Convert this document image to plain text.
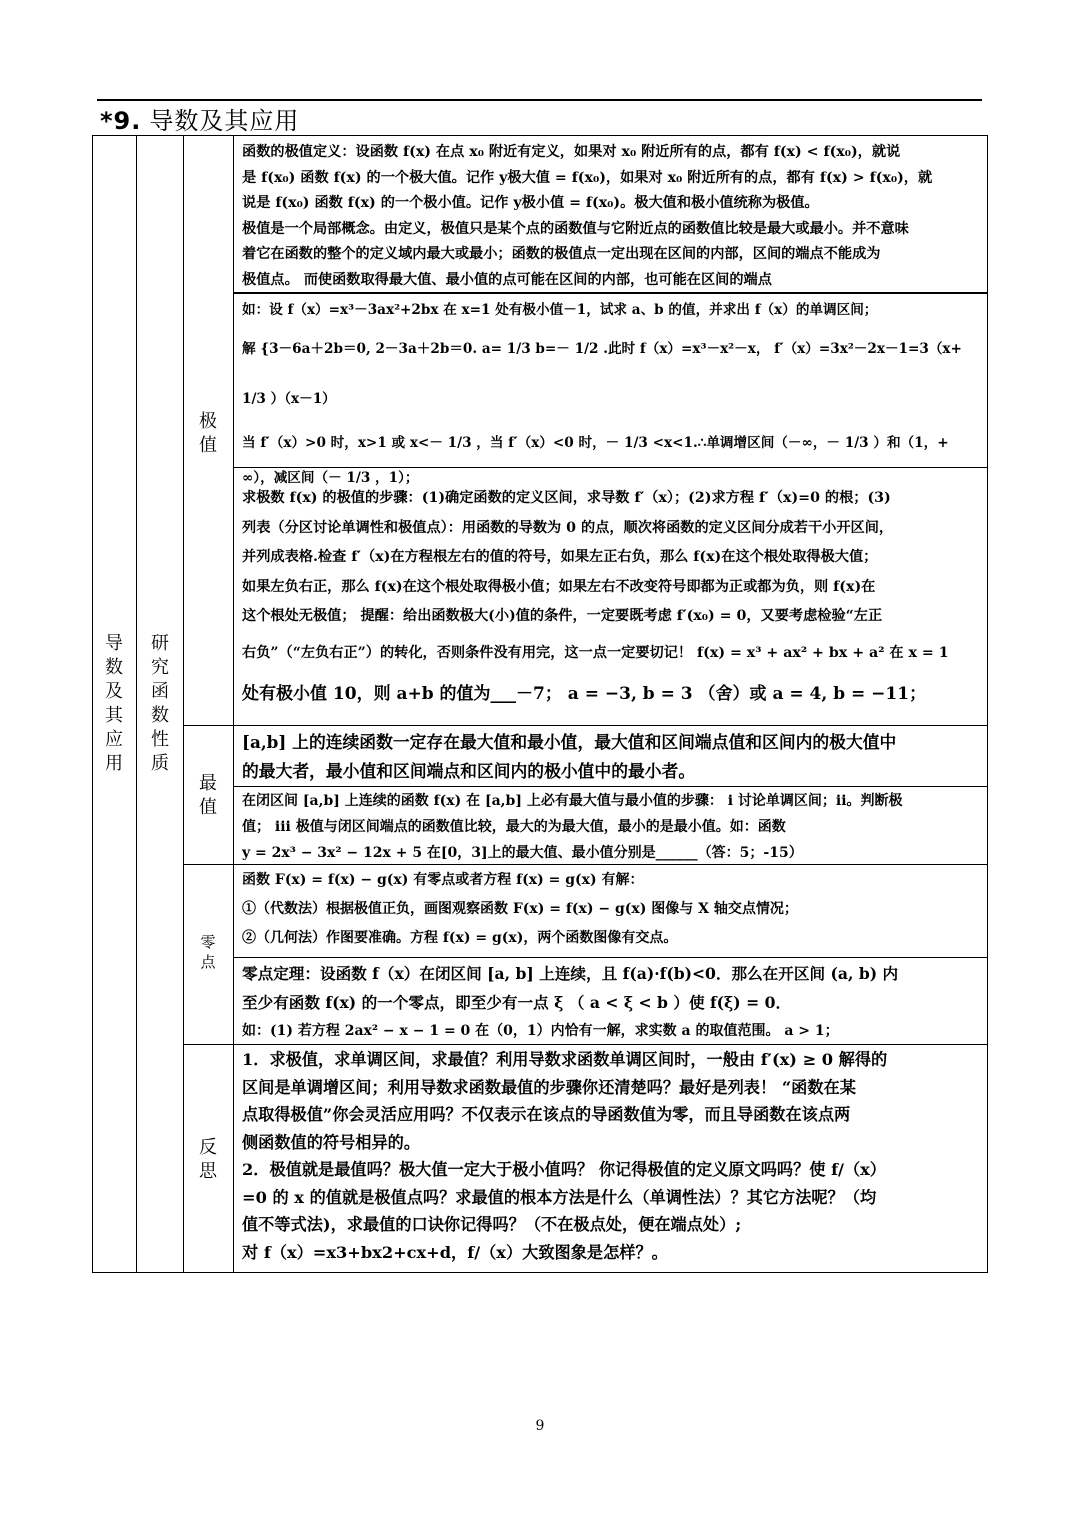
*9. 导数及其应用
导数及其应用
研究函数性质
极值
最值
零点
反思

函数的极值定义：设函数 f(x) 在点 x₀ 附近有定义，如果对 x₀ 附近所有的点，都有 f(x) < f(x₀)，就说

是 f(x₀) 函数 f(x) 的一个极大值。记作 y极大值 = f(x₀)，如果对 x₀ 附近所有的点，都有 f(x) > f(x₀)，就

说是 f(x₀) 函数 f(x) 的一个极小值。记作 y极小值 = f(x₀)。极大值和极小值统称为极值。

极值是一个局部概念。由定义，极值只是某个点的函数值与它附近点的函数值比较是最大或最小。并不意味

着它在函数的整个的定义域内最大或最小；函数的极值点一定出现在区间的内部，区间的端点不能成为

极值点。 而使函数取得最大值、最小值的点可能在区间的内部，也可能在区间的端点

如：设 f（x）=x³－3ax²+2bx 在 x=1 处有极小值－1，试求 a、b 的值，并求出 f（x）的单调区间；

解 {3－6a＋2b＝0, 2－3a＋2b＝0. a= 1/3 b=－ 1/2 .此时 f（x）=x³－x²－x， f′（x）=3x²－2x－1=3（x+ 1/3 ）（x－1）

当 f′（x）>0 时，x>1 或 x<－ 1/3 ，当 f′（x）<0 时，－ 1/3 <x<1.∴单调增区间（－∞，－ 1/3 ）和（1，+

∞），减区间（－ 1/3 ，1）；

求极数 f(x) 的极值的步骤：(1)确定函数的定义区间，求导数 f′（x）；(2)求方程 f′（x)=0 的根；(3)

列表（分区讨论单调性和极值点）：用函数的导数为 0 的点，顺次将函数的定义区间分成若干小开区间，

并列成表格.检查 f′（x)在方程根左右的值的符号，如果左正右负，那么 f(x)在这个根处取得极大值；

如果左负右正，那么 f(x)在这个根处取得极小值；如果左右不改变符号即都为正或都为负，则 f(x)在

这个根处无极值； 提醒：给出函数极大(小)值的条件，一定要既考虑 f′(x₀) = 0，又要考虑检验“左正

右负”（“左负右正”）的转化，否则条件没有用完，这一点一定要切记！ f(x) = x³ + ax² + bx + a² 在 x = 1

处有极小值 10，则 a+b 的值为___－7； a = −3, b = 3 （舍）或 a = 4, b = −11；

[a,b] 上的连续函数一定存在最大值和最小值，最大值和区间端点值和区间内的极大值中

的最大者，最小值和区间端点和区间内的极小值中的最小者。

在闭区间 [a,b] 上连续的函数 f(x) 在 [a,b] 上必有最大值与最小值的步骤： i 讨论单调区间；ii。判断极

值； iii 极值与闭区间端点的函数值比较，最大的为最大值，最小的是最小值。如：函数

y = 2x³ − 3x² − 12x + 5 在[0，3]上的最大值、最小值分别是______（答：5；-15）

函数 F(x) = f(x) − g(x) 有零点或者方程 f(x) = g(x) 有解：

①（代数法）根据极值正负，画图观察函数 F(x) = f(x) − g(x) 图像与 X 轴交点情况；

②（几何法）作图要准确。方程 f(x) = g(x)，两个函数图像有交点。

零点定理：设函数 f（x）在闭区间 [a, b] 上连续，且 f(a)·f(b)<0．那么在开区间 (a, b) 内

至少有函数 f(x) 的一个零点，即至少有一点 ξ （ a < ξ < b ）使 f(ξ) = 0．

如：(1) 若方程 2ax² − x − 1 = 0 在（0，1）内恰有一解，求实数 a 的取值范围。 a > 1；

1．求极值，求单调区间，求最值？利用导数求函数单调区间时，一般由 f′(x) ≥ 0 解得的

区间是单调增区间；利用导数求函数最值的步骤你还清楚吗？最好是列表！ “函数在某

点取得极值”你会灵活应用吗？不仅表示在该点的导函数值为零，而且导函数在该点两

侧函数值的符号相异的。

2．极值就是最值吗？极大值一定大于极小值吗？ 你记得极值的定义原文吗吗？使 f/（x）

=0 的 x 的值就是极值点吗？求最值的根本方法是什么（单调性法）？其它方法呢？（均

值不等式法)，求最值的口诀你记得吗？（不在极点处，便在端点处）;

对 f（x）=x3+bx2+cx+d，f/（x）大致图象是怎样？。

9
